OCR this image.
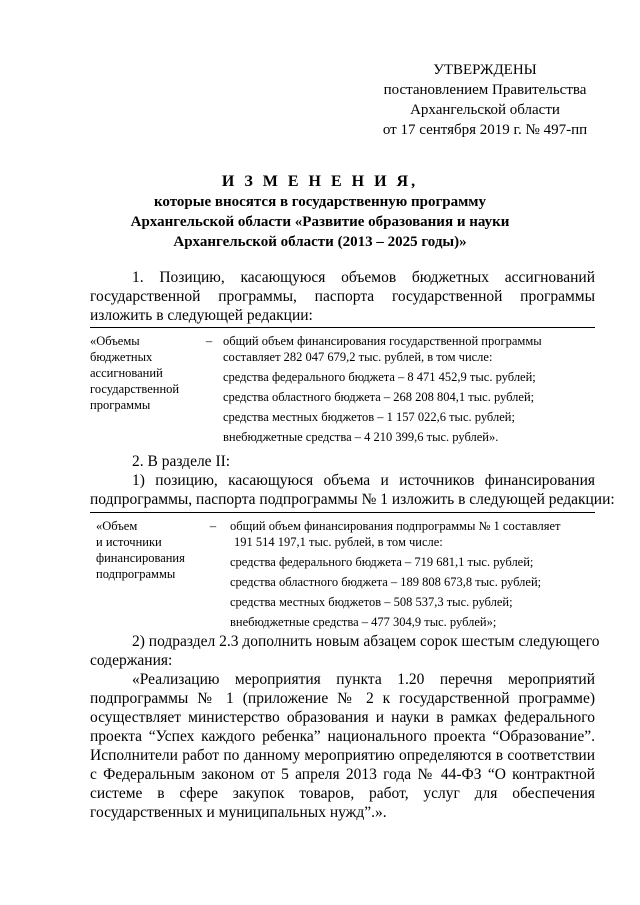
УТВЕРЖДЕНЫ
постановлением Правительства
Архангельской области
от 17 сентября 2019 г. № 497-пп
И З М Е Н Е Н И Я,
которые вносятся в государственную программу
Архангельской области «Развитие образования и науки
Архангельской области (2013 – 2025 годы)»
1. Позицию, касающуюся объемов бюджетных ассигнований
государственной программы, паспорта государственной программы
изложить в следующей редакции:
«Объемы
бюджетных
ассигнований
государственной
программы
– общий объем финансирования государственной программы
составляет 282 047 679,2 тыс. рублей, в том числе:
средства федерального бюджета – 8 471 452,9 тыс. рублей;
средства областного бюджета – 268 208 804,1 тыс. рублей;
средства местных бюджетов – 1 157 022,6 тыс. рублей;
внебюджетные средства – 4 210 399,6 тыс. рублей».
2. В разделе II:
1) позицию, касающуюся объема и источников финансирования
подпрограммы, паспорта подпрограммы № 1 изложить в следующей редакции:
«Объем
и источники
финансирования
подпрограммы
–	общий объем финансирования подпрограммы № 1 составляет
191 514 197,1 тыс. рублей, в том числе:
средства федерального бюджета – 719 681,1 тыс. рублей;
средства областного бюджета – 189 808 673,8 тыс. рублей;
средства местных бюджетов – 508 537,3 тыс. рублей;
внебюджетные средства – 477 304,9 тыс. рублей»;
2) подраздел 2.3 дополнить новым абзацем сорок шестым следующего
содержания:
«Реализацию мероприятия пункта 1.20 перечня мероприятий
подпрограммы № 1 (приложение № 2 к государственной программе)
осуществляет министерство образования и науки в рамках федерального
проекта “Успех каждого ребенка” национального проекта “Образование”.
Исполнители работ по данному мероприятию определяются в соответствии
с Федеральным законом от 5 апреля 2013 года № 44-ФЗ “О контрактной
системе в сфере закупок товаров, работ, услуг для обеспечения
государственных и муниципальных нужд”.».
